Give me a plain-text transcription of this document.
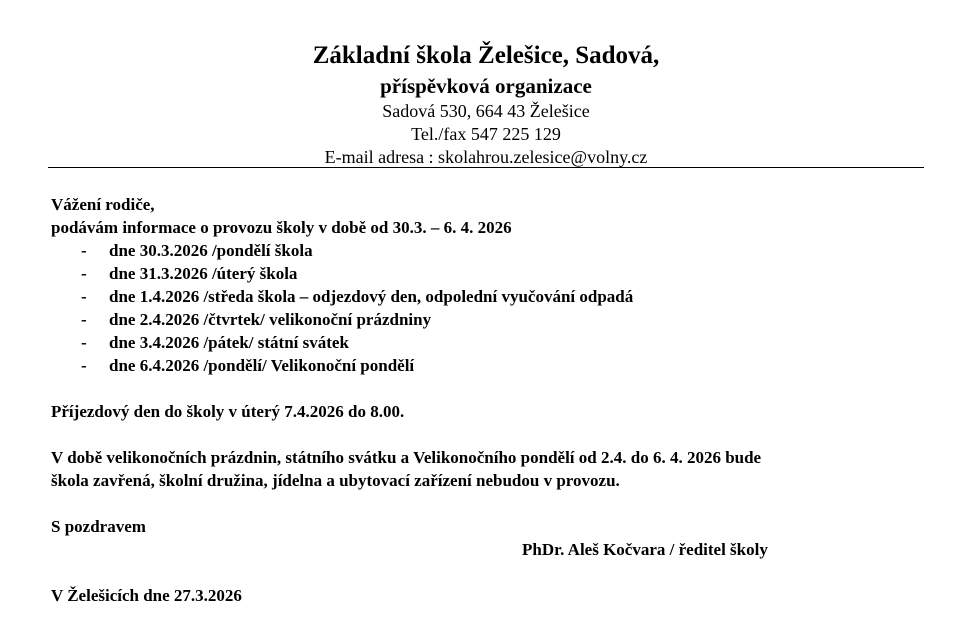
Základní škola Želešice, Sadová,
příspěvková organizace
Sadová 530, 664 43 Želešice
Tel./fax 547 225 129
E-mail adresa : skolahrou.zelesice@volny.cz
Vážení rodiče,
podávám informace o provozu školy v době od 30.3. – 6. 4. 2026
- dne 30.3.2026 /pondělí škola
- dne 31.3.2026 /úterý škola
- dne 1.4.2026 /středa škola – odjezdový den, odpolední vyučování odpadá
- dne 2.4.2026 /čtvrtek/ velikonoční prázdniny
- dne 3.4.2026 /pátek/ státní svátek
- dne 6.4.2026 /pondělí/ Velikonoční pondělí
Příjezdový den do školy v úterý 7.4.2026 do 8.00.
V době velikonočních prázdnin, státního svátku a Velikonočního pondělí od 2.4. do 6. 4. 2026 bude
škola zavřená, školní družina, jídelna a ubytovací zařízení nebudou v provozu.
S pozdravem
PhDr. Aleš Kočvara / ředitel školy
V Želešicích dne 27.3.2026
